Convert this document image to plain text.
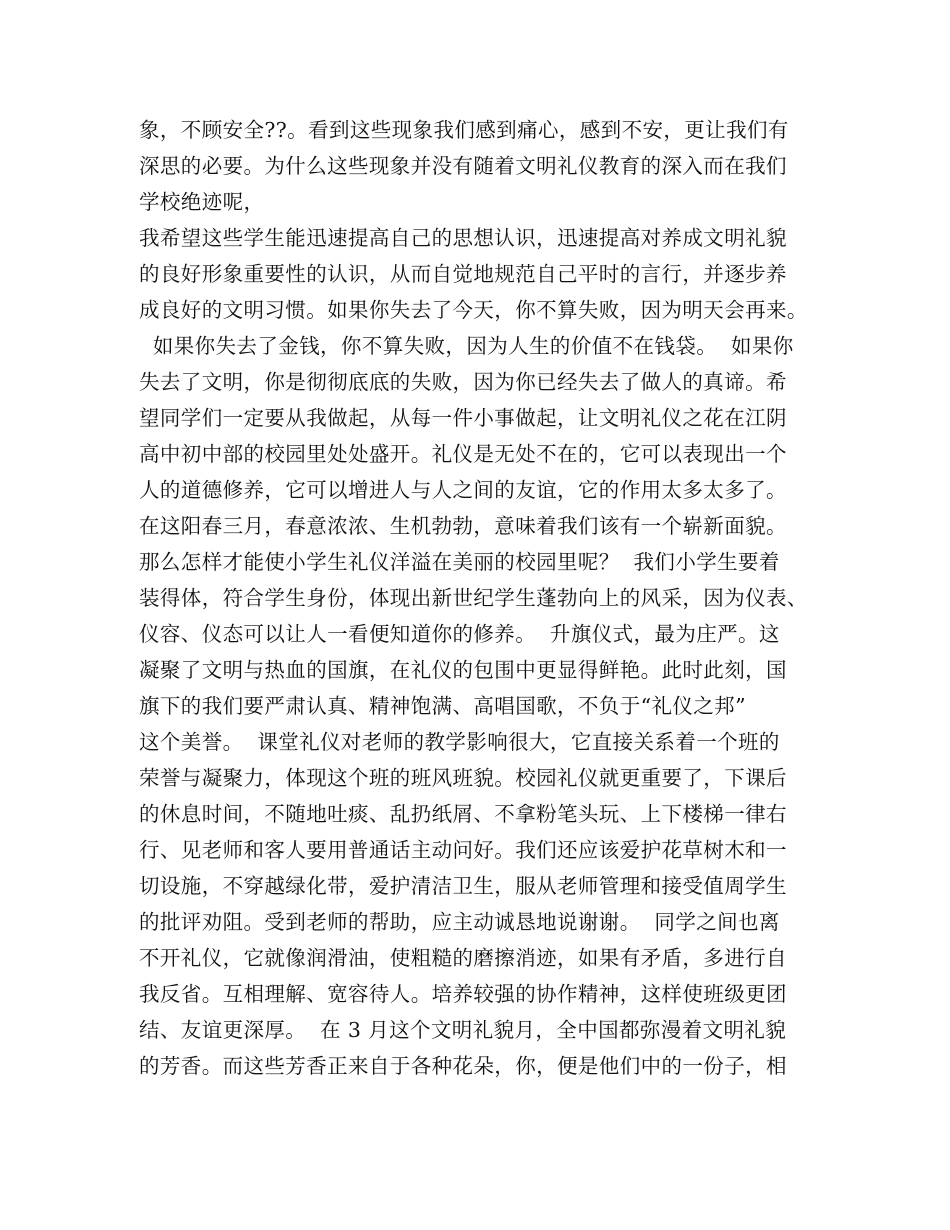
象，不顾安全??。看到这些现象我们感到痛心，感到不安，更让我们有
深思的必要。为什么这些现象并没有随着文明礼仪教育的深入而在我们
学校绝迹呢，
我希望这些学生能迅速提高自己的思想认识，迅速提高对养成文明礼貌
的良好形象重要性的认识，从而自觉地规范自己平时的言行，并逐步养
成良好的文明习惯。如果你失去了今天，你不算失败，因为明天会再来。
如果你失去了金钱，你不算失败，因为人生的价值不在钱袋。  如果你
失去了文明，你是彻彻底底的失败，因为你已经失去了做人的真谛。希
望同学们一定要从我做起，从每一件小事做起，让文明礼仪之花在江阴
高中初中部的校园里处处盛开。礼仪是无处不在的，它可以表现出一个
人的道德修养，它可以增进人与人之间的友谊，它的作用太多太多了。
在这阳春三月，春意浓浓、生机勃勃，意味着我们该有一个崭新面貌。
那么怎样才能使小学生礼仪洋溢在美丽的校园里呢？  我们小学生要着
装得体，符合学生身份，体现出新世纪学生蓬勃向上的风采，因为仪表、
仪容、仪态可以让人一看便知道你的修养。  升旗仪式，最为庄严。这
凝聚了文明与热血的国旗，在礼仪的包围中更显得鲜艳。此时此刻，国
旗下的我们要严肃认真、精神饱满、高唱国歌，不负于“礼仪之邦”
这个美誉。  课堂礼仪对老师的教学影响很大，它直接关系着一个班的
荣誉与凝聚力，体现这个班的班风班貌。校园礼仪就更重要了，下课后
的休息时间，不随地吐痰、乱扔纸屑、不拿粉笔头玩、上下楼梯一律右
行、见老师和客人要用普通话主动问好。我们还应该爱护花草树木和一
切设施，不穿越绿化带，爱护清洁卫生，服从老师管理和接受值周学生
的批评劝阻。受到老师的帮助，应主动诚恳地说谢谢。  同学之间也离
不开礼仪，它就像润滑油，使粗糙的磨擦消迹，如果有矛盾，多进行自
我反省。互相理解、宽容待人。培养较强的协作精神，这样使班级更团
结、友谊更深厚。  在 3 月这个文明礼貌月，全中国都弥漫着文明礼貌
的芳香。而这些芳香正来自于各种花朵，你，便是他们中的一份子，相
